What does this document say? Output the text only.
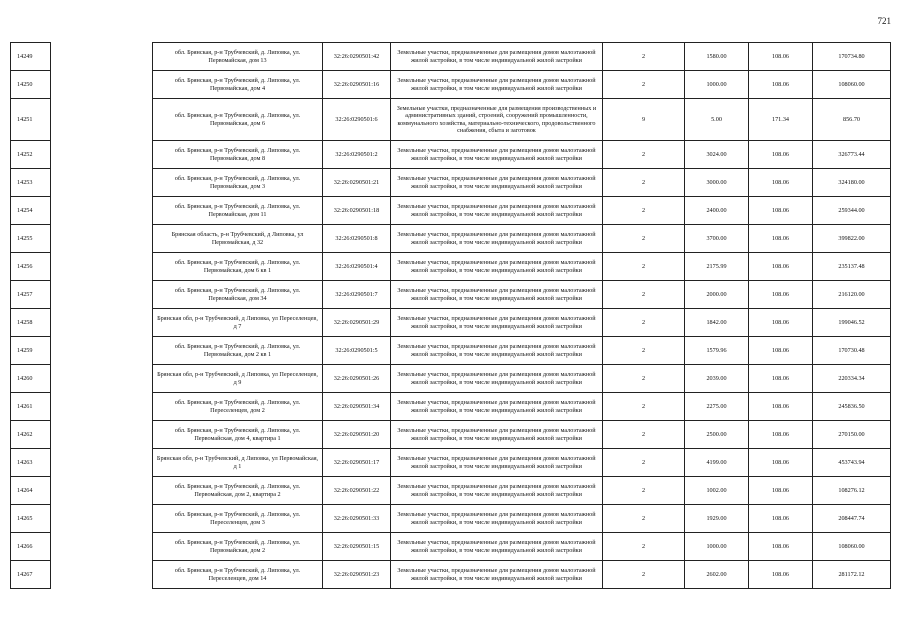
721
14249		обл. Брянская, р-н Трубчевский, д. Липовка, ул. Первомайская, дом 13	32:26:0290501:42	Земельные участки, предназначенные для размещения домов малоэтажной жилой застройки, в том числе индивидуальной жилой застройки	2	1580.00	108.06	170734.80
14250		обл. Брянская, р-н Трубчевский, д. Липовка, ул. Первомайская, дом 4	32:26:0290501:16	Земельные участки, предназначенные для размещения домов малоэтажной жилой застройки, в том числе индивидуальной жилой застройки	2	1000.00	108.06	108060.00
14251		обл. Брянская, р-н Трубчевский, д. Липовка, ул. Первомайская, дом 6	32:26:0290501:6	Земельные участки, предназначенные для размещения производственных и административных зданий, строений, сооружений промышленности, коммунального хозяйства, материально-технического, продовольственного снабжения, сбыта и заготовок	9	5.00	171.34	856.70
14252		обл. Брянская, р-н Трубчевский, д. Липовка, ул. Первомайская, дом 8	32:26:0290501:2	Земельные участки, предназначенные для размещения домов малоэтажной жилой застройки, в том числе индивидуальной жилой застройки	2	3024.00	108.06	326773.44
14253		обл. Брянская, р-н Трубчевский, д. Липовка, ул. Первомайская, дом 3	32:26:0290501:21	Земельные участки, предназначенные для размещения домов малоэтажной жилой застройки, в том числе индивидуальной жилой застройки	2	3000.00	108.06	324180.00
14254		обл. Брянская, р-н Трубчевский, д. Липовка, ул. Первомайская, дом 11	32:26:0290501:18	Земельные участки, предназначенные для размещения домов малоэтажной жилой застройки, в том числе индивидуальной жилой застройки	2	2400.00	108.06	259344.00
14255		Брянская область, р-н Трубчевский, д Липовка, ул Первомайская, д 32	32:26:0290501:8	Земельные участки, предназначенные для размещения домов малоэтажной жилой застройки, в том числе индивидуальной жилой застройки	2	3700.00	108.06	399822.00
14256		обл. Брянская, р-н Трубчевский, д. Липовка, ул. Первомайская, дом 6 кв 1	32:26:0290501:4	Земельные участки, предназначенные для размещения домов малоэтажной жилой застройки, в том числе индивидуальной жилой застройки	2	2175.99	108.06	235137.48
14257		обл. Брянская, р-н Трубчевский, д. Липовка, ул. Первомайская, дом 34	32:26:0290501:7	Земельные участки, предназначенные для размещения домов малоэтажной жилой застройки, в том числе индивидуальной жилой застройки	2	2000.00	108.06	216120.00
14258		Брянская обл, р-н Трубчевский, д Липовка, ул Переселенцев, д 7	32:26:0290501:29	Земельные участки, предназначенные для размещения домов малоэтажной жилой застройки, в том числе индивидуальной жилой застройки	2	1842.00	108.06	199046.52
14259		обл. Брянская, р-н Трубчевский, д. Липовка, ул. Первомайская, дом 2 кв 1	32:26:0290501:5	Земельные участки, предназначенные для размещения домов малоэтажной жилой застройки, в том числе индивидуальной жилой застройки	2	1579.96	108.06	170730.48
14260		Брянская обл, р-н Трубчевский, д Липовка, ул Переселенцев, д 9	32:26:0290501:26	Земельные участки, предназначенные для размещения домов малоэтажной жилой застройки, в том числе индивидуальной жилой застройки	2	2039.00	108.06	220334.34
14261		обл. Брянская, р-н Трубчевский, д. Липовка, ул. Переселенцев, дом 2	32:26:0290501:34	Земельные участки, предназначенные для размещения домов малоэтажной жилой застройки, в том числе индивидуальной жилой застройки	2	2275.00	108.06	245836.50
14262		обл. Брянская, р-н Трубчевский, д. Липовка, ул. Первомайская, дом 4, квартира 1	32:26:0290501:20	Земельные участки, предназначенные для размещения домов малоэтажной жилой застройки, в том числе индивидуальной жилой застройки	2	2500.00	108.06	270150.00
14263		Брянская обл, р-н Трубчевский, д Липовка, ул Первомайская, д 1	32:26:0290501:17	Земельные участки, предназначенные для размещения домов малоэтажной жилой застройки, в том числе индивидуальной жилой застройки	2	4199.00	108.06	453743.94
14264		обл. Брянская, р-н Трубчевский, д. Липовка, ул. Первомайская, дом 2, квартира 2	32:26:0290501:22	Земельные участки, предназначенные для размещения домов малоэтажной жилой застройки, в том числе индивидуальной жилой застройки	2	1002.00	108.06	108276.12
14265		обл. Брянская, р-н Трубчевский, д. Липовка, ул. Переселенцев, дом 3	32:26:0290501:33	Земельные участки, предназначенные для размещения домов малоэтажной жилой застройки, в том числе индивидуальной жилой застройки	2	1929.00	108.06	208447.74
14266		обл. Брянская, р-н Трубчевский, д. Липовка, ул. Первомайская, дом 2	32:26:0290501:15	Земельные участки, предназначенные для размещения домов малоэтажной жилой застройки, в том числе индивидуальной жилой застройки	2	1000.00	108.06	108060.00
14267		обл. Брянская, р-н Трубчевский, д. Липовка, ул. Переселенцев, дом 14	32:26:0290501:23	Земельные участки, предназначенные для размещения домов малоэтажной жилой застройки, в том числе индивидуальной жилой застройки	2	2602.00	108.06	281172.12
